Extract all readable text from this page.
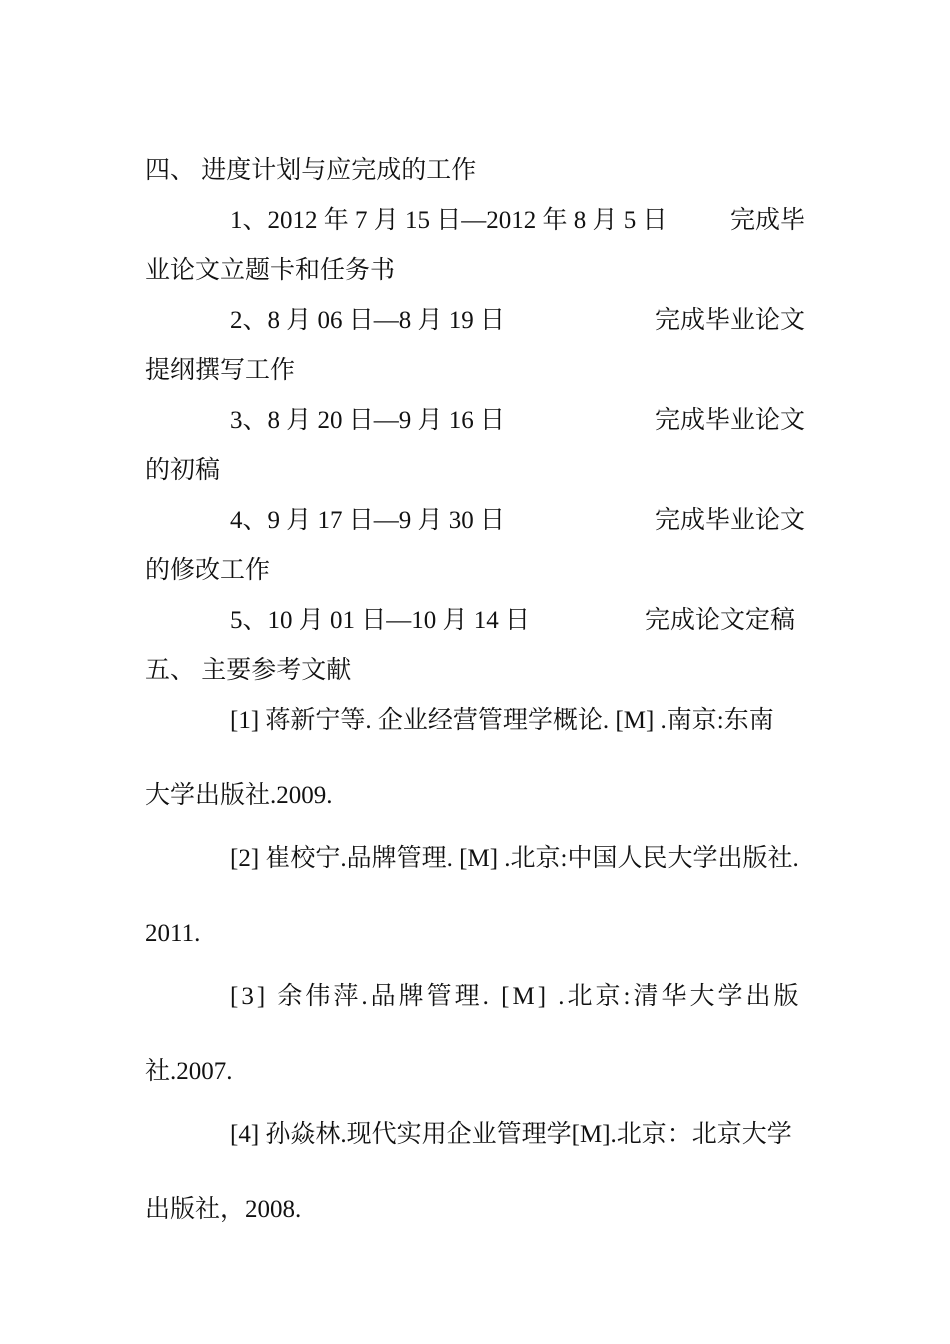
四、 进度计划与应完成的工作
1、2012 年 7 月 15 日—2012 年 8 月 5 日 完成毕
业论文立题卡和任务书
2、8 月 06 日—8 月 19 日	完成毕业论文
提纲撰写工作
3、8 月 20 日—9 月 16 日	完成毕业论文
的初稿
4、9 月 17 日—9 月 30 日	完成毕业论文
的修改工作
5、10 月 01 日—10 月 14 日	完成论文定稿
五、 主要参考文献
[1] 蒋新宁等. 企业经营管理学概论. [M] .南京:东南
大学出版社.2009.
[2] 崔校宁.品牌管理. [M] .北京:中国人民大学出版社.
2011.
[3] 余伟萍.品牌管理. [M] .北京:清华大学出版
社.2007.
[4] 孙焱林.现代实用企业管理学[M].北京：北京大学
出版社，2008.
